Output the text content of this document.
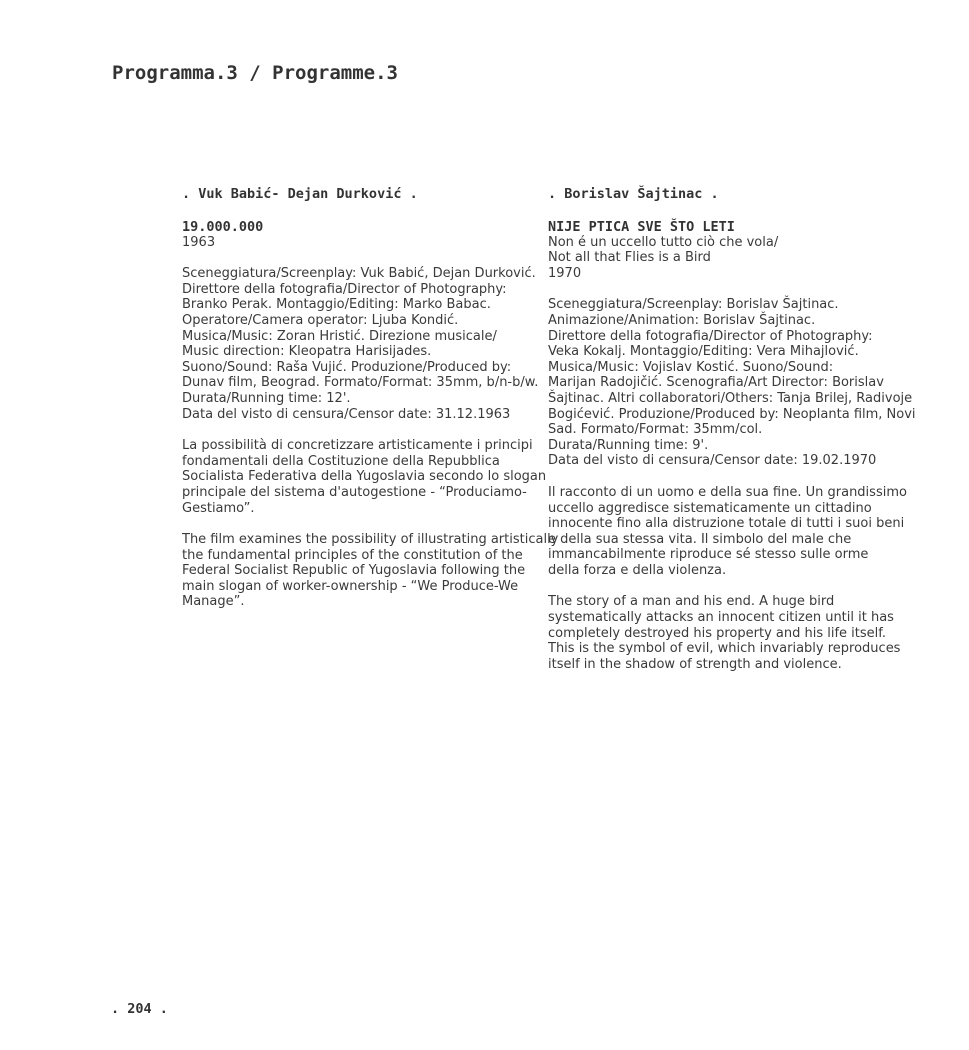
Programma.3 / Programme.3
. Vuk Babić- Dejan Durković .
19.000.000
1963
Sceneggiatura/Screenplay: Vuk Babić, Dejan Durković.
Direttore della fotografia/Director of Photography:
Branko Perak. Montaggio/Editing: Marko Babac.
Operatore/Camera operator: Ljuba Kondić.
Musica/Music: Zoran Hristić. Direzione musicale/
Music direction: Kleopatra Harisijades.
Suono/Sound: Raša Vujić. Produzione/Produced by:
Dunav film, Beograd. Formato/Format: 35mm, b/n-b/w.
Durata/Running time: 12'.
Data del visto di censura/Censor date: 31.12.1963
La possibilità di concretizzare artisticamente i principi
fondamentali della Costituzione della Repubblica
Socialista Federativa della Yugoslavia secondo lo slogan
principale del sistema d'autogestione - “Produciamo-
Gestiamo”.
The film examines the possibility of illustrating artistically
the fundamental principles of the constitution of the
Federal Socialist Republic of Yugoslavia following the
main slogan of worker-ownership - “We Produce-We
Manage”.
. Borislav Šajtinac .
NIJE PTICA SVE ŠTO LETI
Non é un uccello tutto ciò che vola/
Not all that Flies is a Bird
1970
Sceneggiatura/Screenplay: Borislav Šajtinac.
Animazione/Animation: Borislav Šajtinac.
Direttore della fotografia/Director of Photography:
Veka Kokalj. Montaggio/Editing: Vera Mihajlović.
Musica/Music: Vojislav Kostić. Suono/Sound:
Marijan Radojičić. Scenografia/Art Director: Borislav
Šajtinac. Altri collaboratori/Others: Tanja Brilej, Radivoje
Bogićević. Produzione/Produced by: Neoplanta film, Novi
Sad. Formato/Format: 35mm/col.
Durata/Running time: 9'.
Data del visto di censura/Censor date: 19.02.1970
Il racconto di un uomo e della sua fine. Un grandissimo
uccello aggredisce sistematicamente un cittadino
innocente fino alla distruzione totale di tutti i suoi beni
e della sua stessa vita. Il simbolo del male che
immancabilmente riproduce sé stesso sulle orme
della forza e della violenza.
The story of a man and his end. A huge bird
systematically attacks an innocent citizen until it has
completely destroyed his property and his life itself.
This is the symbol of evil, which invariably reproduces
itself in the shadow of strength and violence.
. 204 .
